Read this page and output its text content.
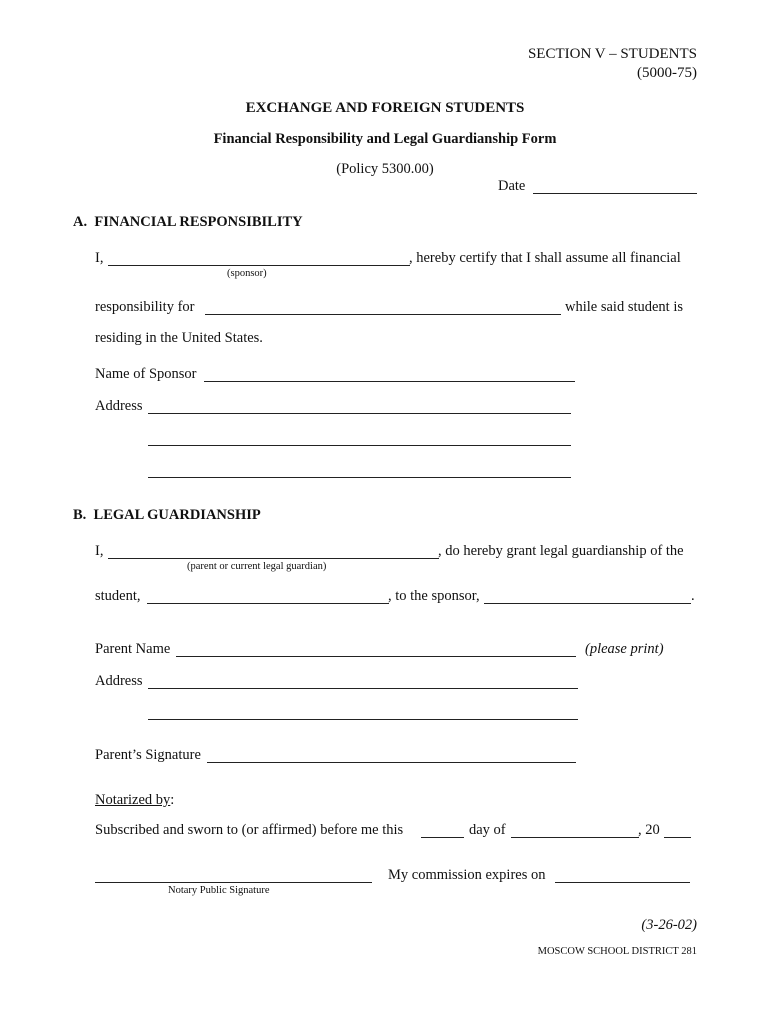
SECTION V – STUDENTS
(5000-75)
EXCHANGE AND FOREIGN STUDENTS
Financial Responsibility and Legal Guardianship Form
(Policy 5300.00)
Date
A.  FINANCIAL RESPONSIBILITY
I,	, hereby certify that I shall assume all financial
(sponsor)
responsibility for	while said student is
residing in the United States.
Name of Sponsor
Address
B.  LEGAL GUARDIANSHIP
I,	, do hereby grant legal guardianship of the
(parent or current legal guardian)
student,	, to the sponsor,	.
Parent Name	(please print)
Address
Parent’s Signature
Notarized by:
Subscribed and sworn to (or affirmed) before me this	day of	, 20
Notary Public Signature
My commission expires on
(3-26-02)
MOSCOW SCHOOL DISTRICT 281
